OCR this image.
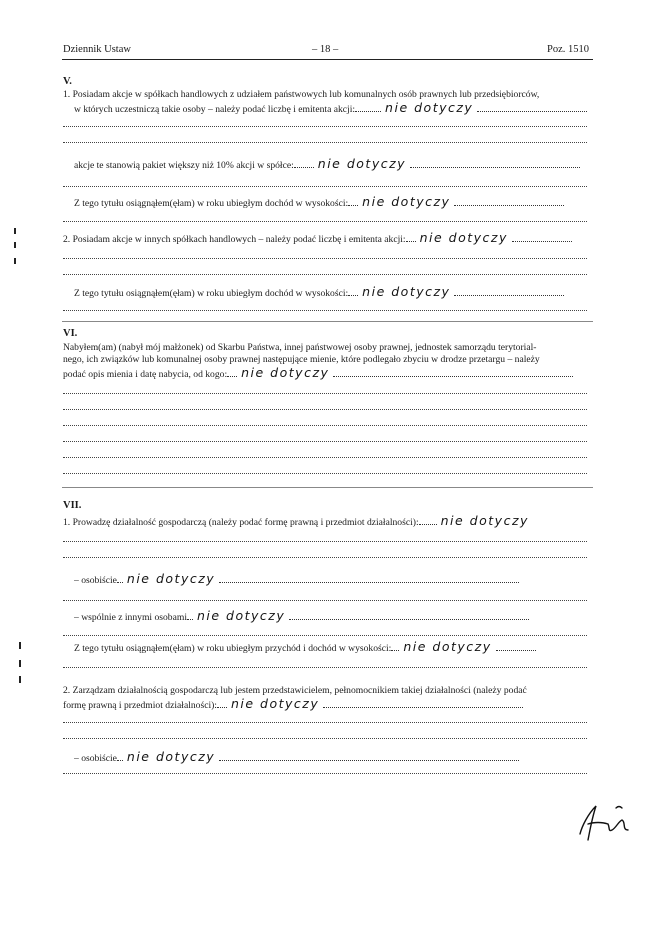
Dziennik Ustaw	– 18 –	Poz. 1510
V.
1. Posiadam akcje w spółkach handlowych z udziałem państwowych lub komunalnych osób prawnych lub przedsiębiorców,
w których uczestniczą takie osoby – należy podać liczbę i emitenta akcji: nie dotyczy
akcje te stanowią pakiet większy niż 10% akcji w spółce: nie dotyczy
Z tego tytułu osiągnąłem(ęłam) w roku ubiegłym dochód w wysokości: nie dotyczy
2. Posiadam akcje w innych spółkach handlowych – należy podać liczbę i emitenta akcji: nie dotyczy
Z tego tytułu osiągnąłem(ęłam) w roku ubiegłym dochód w wysokości: nie dotyczy
VI.
Nabyłem(am) (nabył mój małżonek) od Skarbu Państwa, innej państwowej osoby prawnej, jednostek samorządu terytorial-
nego, ich związków lub komunalnej osoby prawnej następujące mienie, które podlegało zbyciu w drodze przetargu – należy
podać opis mienia i datę nabycia, od kogo: nie dotyczy
VII.
1. Prowadzę działalność gospodarczą (należy podać formę prawną i przedmiot działalności): nie dotyczy
– osobiście nie dotyczy
– wspólnie z innymi osobami nie dotyczy
Z tego tytułu osiągnąłem(ęłam) w roku ubiegłym przychód i dochód w wysokości: nie dotyczy
2. Zarządzam działalnością gospodarczą lub jestem przedstawicielem, pełnomocnikiem takiej działalności (należy podać
formę prawną i przedmiot działalności): nie dotyczy
– osobiście nie dotyczy
